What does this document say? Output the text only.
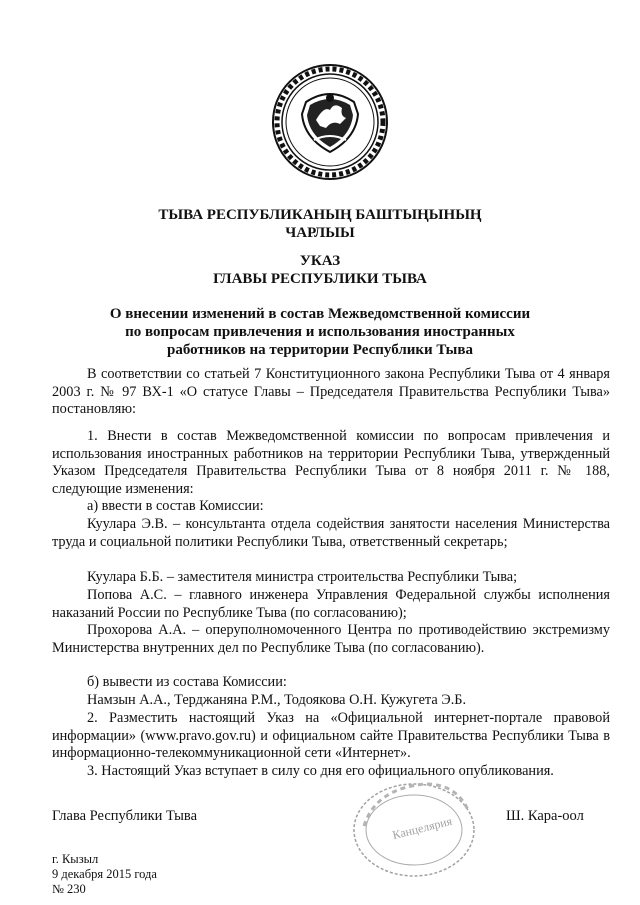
ТЫВА РЕСПУБЛИКАНЫҢ БАШТЫҢЫНЫҢ
ЧАРЛЫЫ
УКАЗ
ГЛАВЫ РЕСПУБЛИКИ ТЫВА
О внесении изменений в состав Межведомственной комиссии
по вопросам привлечения и использования иностранных
работников на территории Республики Тыва
В соответствии со статьей 7 Конституционного закона Республики Тыва от 4 января 2003 г. № 97 ВХ-1 «О статусе Главы – Председателя Правительства Республики Тыва» постановляю:
1. Внести в состав Межведомственной комиссии по вопросам привлечения и использования иностранных работников на территории Республики Тыва, утвержденный Указом Председателя Правительства Республики Тыва от 8 ноября 2011 г. № 188, следующие изменения:
а) ввести в состав Комиссии:
Куулара Э.В. – консультанта отдела содействия занятости населения Министерства труда и социальной политики Республики Тыва, ответственный секретарь;
Куулара Б.Б. – заместителя министра строительства Республики Тыва;
Попова А.С. – главного инженера Управления Федеральной службы исполнения наказаний России по Республике Тыва (по согласованию);
Прохорова А.А. – оперуполномоченного Центра по противодействию экстремизму Министерства внутренних дел по Республике Тыва (по согласованию).
б) вывести из состава Комиссии:
Намзын А.А., Терджаняна Р.М., Тодоякова О.Н. Кужугета Э.Б.
2. Разместить настоящий Указ на «Официальной интернет-портале правовой информации» (www.pravo.gov.ru) и официальном сайте Правительства Республики Тыва в информационно-телекоммуникационной сети «Интернет».
3. Настоящий Указ вступает в силу со дня его официального опубликования.
Глава Республики Тыва	Ш. Кара-оол
Канцелярия
г. Кызыл
9 декабря 2015 года
№ 230
